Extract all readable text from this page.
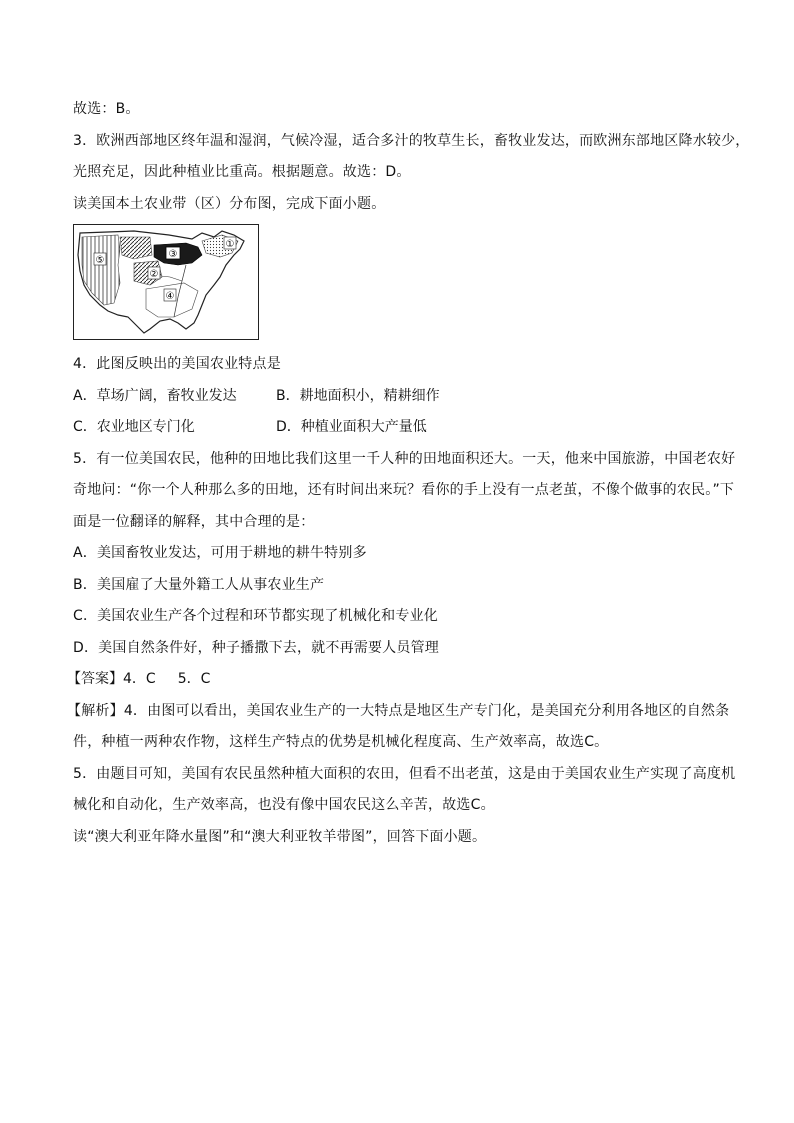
故选：B。
3．欧洲西部地区终年温和湿润，气候冷湿，适合多汁的牧草生长，畜牧业发达，而欧洲东部地区降水较少，
光照充足，因此种植业比重高。根据题意。故选：D。
读美国本土农业带（区）分布图，完成下面小题。
⑤
③
①
②
④
4．此图反映出的美国农业特点是
A．草场广阔，畜牧业发达	B．耕地面积小，精耕细作
C．农业地区专门化	D．种植业面积大产量低
5．有一位美国农民，他种的田地比我们这里一千人种的田地面积还大。一天，他来中国旅游，中国老农好
奇地问：“你一个人种那么多的田地，还有时间出来玩？看你的手上没有一点老茧，不像个做事的农民。”下
面是一位翻译的解释，其中合理的是：
A．美国畜牧业发达，可用于耕地的耕牛特别多
B．美国雇了大量外籍工人从事农业生产
C．美国农业生产各个过程和环节都实现了机械化和专业化
D．美国自然条件好，种子播撒下去，就不再需要人员管理
【答案】4．C 5．C
【解析】4．由图可以看出，美国农业生产的一大特点是地区生产专门化，是美国充分利用各地区的自然条
件，种植一两种农作物，这样生产特点的优势是机械化程度高、生产效率高，故选C。
5．由题目可知，美国有农民虽然种植大面积的农田，但看不出老茧，这是由于美国农业生产实现了高度机
械化和自动化，生产效率高，也没有像中国农民这么辛苦，故选C。
读“澳大利亚年降水量图”和“澳大利亚牧羊带图”，回答下面小题。
